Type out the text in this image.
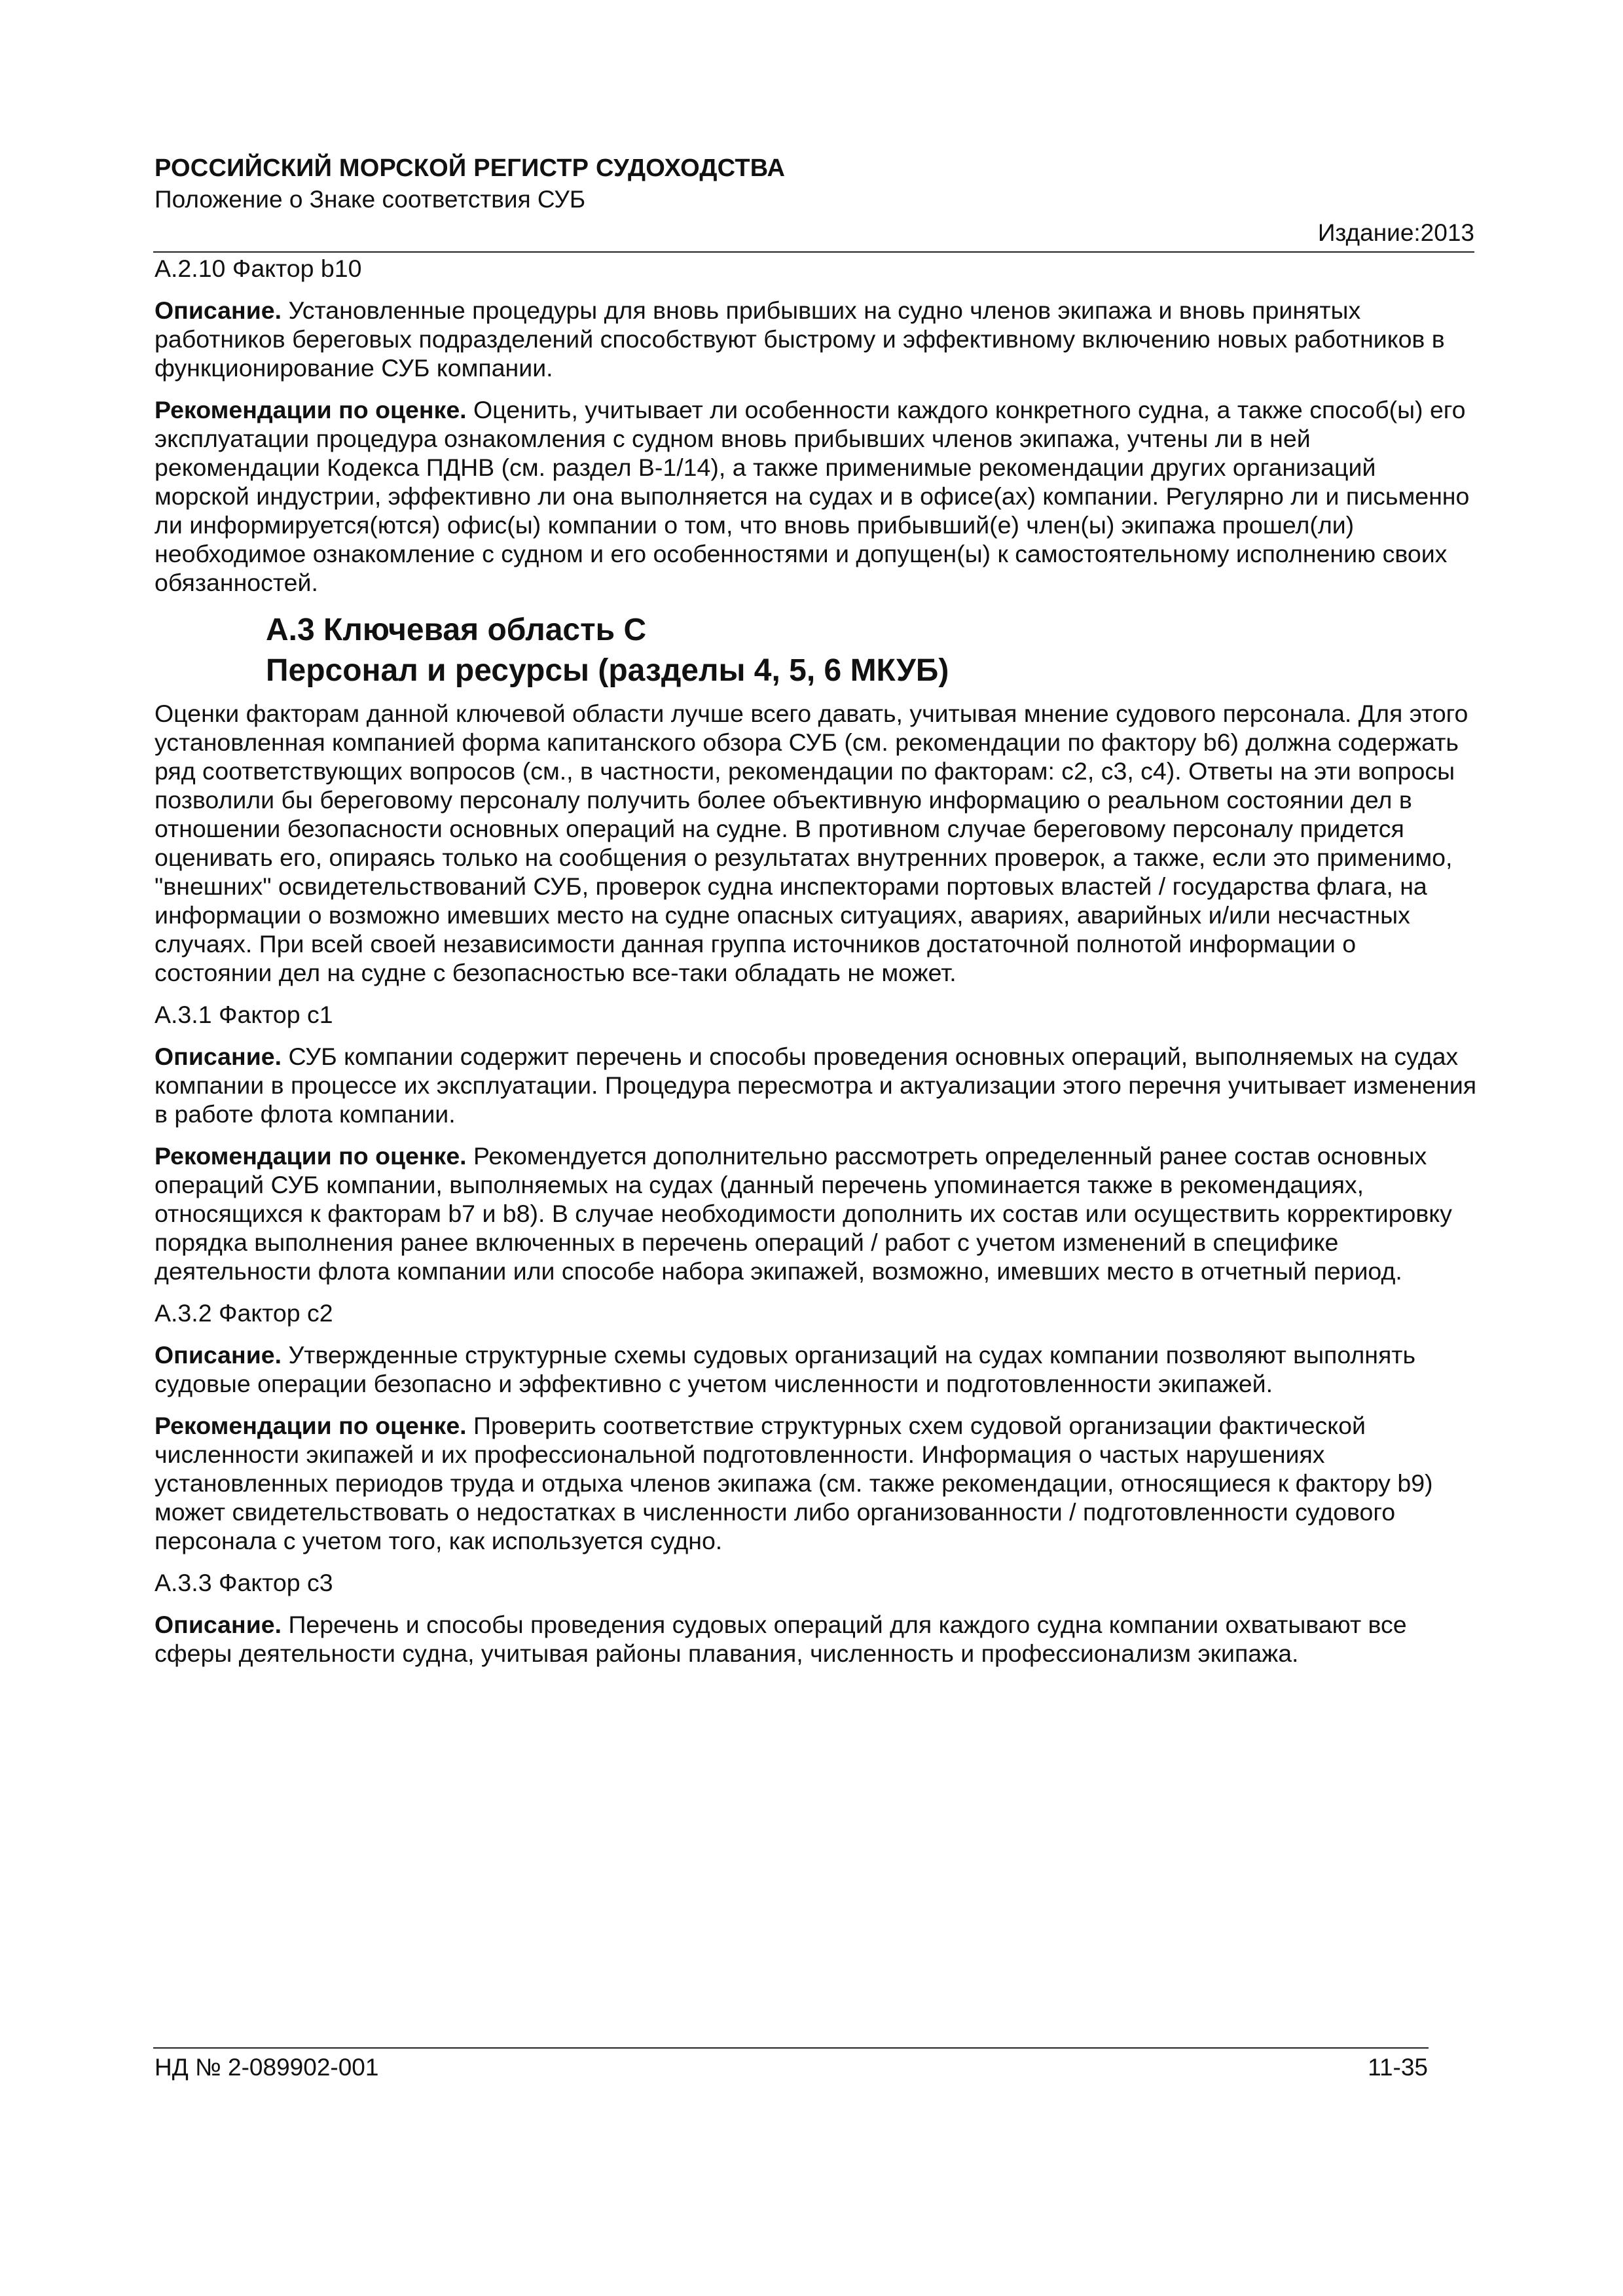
РОССИЙСКИЙ МОРСКОЙ РЕГИСТР СУДОХОДСТВА
Положение о Знаке соответствия СУБ
Издание:2013

А.2.10 Фактор b10

Описание. Установленные процедуры для вновь прибывших на судно членов экипажа и вновь принятых работников береговых подразделений способствуют быстрому и эффективному включению новых работников в функционирование СУБ компании.

Рекомендации по оценке. Оценить, учитывает ли особенности каждого конкретного судна, а также способ(ы) его эксплуатации процедура ознакомления с судном вновь прибывших членов экипажа, учтены ли в ней рекомендации Кодекса ПДНВ (см. раздел В-1/14), а также применимые рекомендации других организаций морской индустрии, эффективно ли она выполняется на судах и в офисе(ах) компании. Регулярно ли и письменно ли информируется(ются) офис(ы) компании о том, что вновь прибывший(е) член(ы) экипажа прошел(ли) необходимое ознакомление с судном и его особенностями и допущен(ы) к самостоятельному исполнению своих обязанностей.

А.3 Ключевая область С
Персонал и ресурсы (разделы 4, 5, 6 МКУБ)

Оценки факторам данной ключевой области лучше всего давать, учитывая мнение судового персонала. Для этого установленная компанией форма капитанского обзора СУБ (см. рекомендации по фактору b6) должна содержать ряд соответствующих вопросов (см., в частности, рекомендации по факторам: с2, с3, с4). Ответы на эти вопросы позволили бы береговому персоналу получить более объективную информацию о реальном состоянии дел в отношении безопасности основных операций на судне. В противном случае береговому персоналу придется оценивать его, опираясь только на сообщения о результатах внутренних проверок, а также, если это применимо, "внешних" освидетельствований СУБ, проверок судна инспекторами портовых властей / государства флага, на информации о возможно имевших место на судне опасных ситуациях, авариях, аварийных и/или несчастных случаях. При всей своей независимости данная группа источников достаточной полнотой информации о состоянии дел на судне с безопасностью все-таки обладать не может.

А.3.1 Фактор с1

Описание. СУБ компании содержит перечень и способы проведения основных операций, выполняемых на судах компании в процессе их эксплуатации. Процедура пересмотра и актуализации этого перечня учитывает изменения в работе флота компании.

Рекомендации по оценке. Рекомендуется дополнительно рассмотреть определенный ранее состав основных операций СУБ компании, выполняемых на судах (данный перечень упоминается также в рекомендациях, относящихся к факторам b7 и b8). В случае необходимости дополнить их состав или осуществить корректировку порядка выполнения ранее включенных в перечень операций / работ с учетом изменений в специфике деятельности флота компании или способе набора экипажей, возможно, имевших место в отчетный период.

А.3.2 Фактор с2

Описание. Утвержденные структурные схемы судовых организаций на судах компании позволяют выполнять судовые операции безопасно и эффективно с учетом численности и подготовленности экипажей.

Рекомендации по оценке. Проверить соответствие структурных схем судовой организации фактической численности экипажей и их профессиональной подготовленности. Информация о частых нарушениях установленных периодов труда и отдыха членов экипажа (см. также рекомендации, относящиеся к фактору b9) может свидетельствовать о недостатках в численности либо организованности / подготовленности судового персонала с учетом того, как используется судно.

А.3.3 Фактор с3

Описание. Перечень и способы проведения судовых операций для каждого судна компании охватывают все сферы деятельности судна, учитывая районы плавания, численность и профессионализм экипажа.

НД № 2-089902-001	11-35
